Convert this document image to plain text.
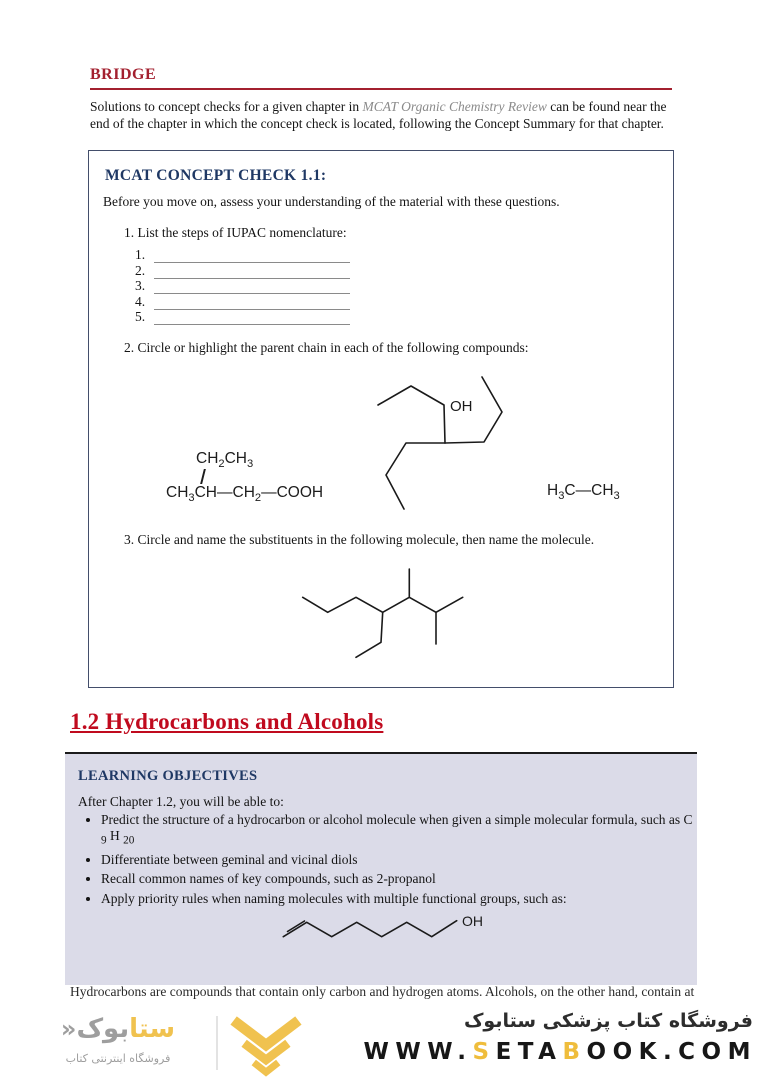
BRIDGE
Solutions to concept checks for a given chapter in MCAT Organic Chemistry Review can be found near the end of the chapter in which the concept check is located, following the Concept Summary for that chapter.
MCAT CONCEPT CHECK 1.1:
Before you move on, assess your understanding of the material with these questions.
1. List the steps of IUPAC nomenclature:
1.
2.
3.
4.
5.
2. Circle or highlight the parent chain in each of the following compounds:
$CH_2CH_3$
$CH_3CH—CH_2—COOH$
OH
$H_3C—CH_3$
3. Circle and name the substituents in the following molecule, then name the molecule.
1.2 Hydrocarbons and Alcohols
LEARNING OBJECTIVES
After Chapter 1.2, you will be able to:
• Predict the structure of a hydrocarbon or alcohol molecule when given a simple molecular formula, such as C
$_9$ H $_{20}$
• Differentiate between geminal and vicinal diols
• Recall common names of key compounds, such as 2-propanol
• Apply priority rules when naming molecules with multiple functional groups, such as:
OH
Hydrocarbons are compounds that contain only carbon and hydrogen atoms. Alcohols, on the other hand, contain at
ستابوک«
فروشگاه اینترنتی کتاب
فروشگاه کتاب پزشکی ستابوک
WWW.SETABOOK.COM
